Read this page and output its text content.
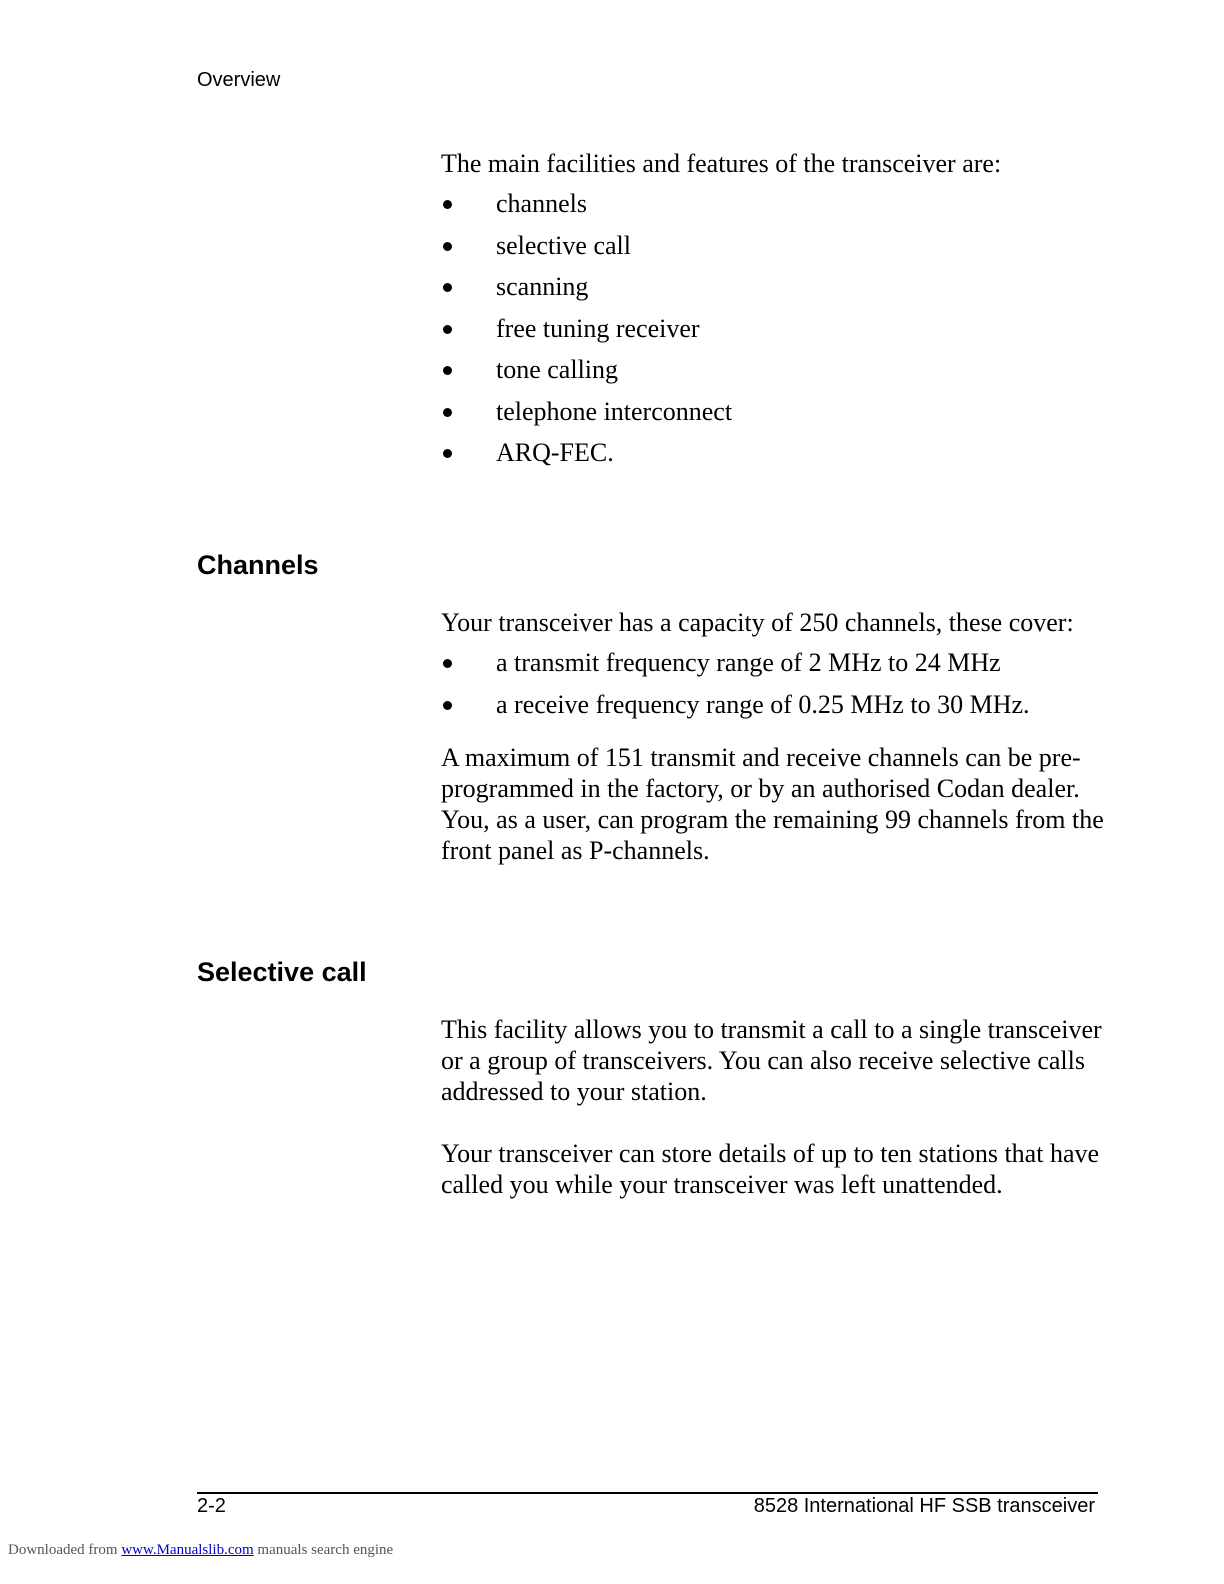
Overview

The main facilities and features of the transceiver are:

channels
selective call
scanning
free tuning receiver
tone calling
telephone interconnect
ARQ-FEC.
Channels

Your transceiver has a capacity of 250 channels, these cover:

a transmit frequency range of 2 MHz to 24 MHz
a receive frequency range of 0.25 MHz to 30 MHz.

A maximum of 151 transmit and receive channels can be pre-programmed in the factory, or by an authorised Codan dealer. You, as a user, can program the remaining 99 channels from the front panel as P-channels.

Selective call

This facility allows you to transmit a call to a single transceiver or a group of transceivers. You can also receive selective calls addressed to your station.

Your transceiver can store details of up to ten stations that have called you while your transceiver was left unattended.

2-2	8528 International HF SSB transceiver
Downloaded from www.Manualslib.com manuals search engine
